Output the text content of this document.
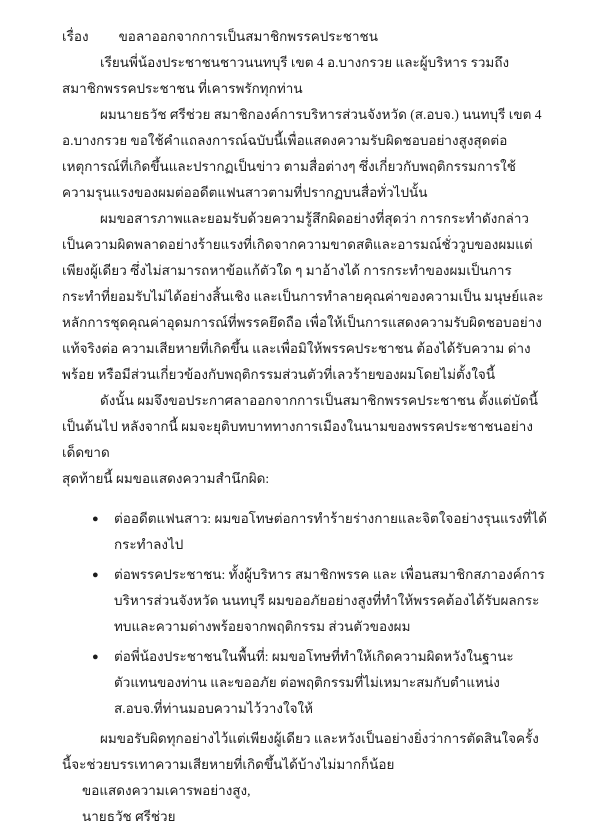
เรื่อง ขอลาออกจากการเป็นสมาชิกพรรคประชาชน

เรียนพี่น้องประชาชนชาวนนทบุรี เขต 4 อ.บางกรวย และผู้บริหาร รวมถึงสมาชิกพรรคประชาชน ที่เคารพรักทุกท่าน

ผมนายธวัช ศรีช่วย สมาชิกองค์การบริหารส่วนจังหวัด (ส.อบจ.) นนทบุรี เขต 4 อ.บางกรวย ขอใช้คำแถลงการณ์ฉบับนี้เพื่อแสดงความรับผิดชอบอย่างสูงสุดต่อเหตุการณ์ที่เกิดขึ้นและปรากฏเป็นข่าว ตามสื่อต่างๆ ซึ่งเกี่ยวกับพฤติกรรมการใช้ความรุนแรงของผมต่ออดีตแฟนสาวตามที่ปรากฏบนสื่อทั่วไปนั้น

ผมขอสารภาพและยอมรับด้วยความรู้สึกผิดอย่างที่สุดว่า การกระทำดังกล่าวเป็นความผิดพลาดอย่างร้ายแรงที่เกิดจากความขาดสติและอารมณ์ชั่ววูบของผมแต่เพียงผู้เดียว ซึ่งไม่สามารถหาข้อแก้ตัวใด ๆ มาอ้างได้ การกระทำของผมเป็นการกระทำที่ยอมรับไม่ได้อย่างสิ้นเชิง และเป็นการทำลายคุณค่าของความเป็น มนุษย์และหลักการชุดคุณค่าอุดมการณ์ที่พรรคยึดถือ เพื่อให้เป็นการแสดงความรับผิดชอบอย่างแท้จริงต่อ ความเสียหายที่เกิดขึ้น และเพื่อมิให้พรรคประชาชน ต้องได้รับความ ด่างพร้อย หรือมีส่วนเกี่ยวข้องกับพฤติกรรมส่วนตัวที่เลวร้ายของผมโดยไม่ตั้งใจนี้

ดังนั้น ผมจึงขอประกาศลาออกจากการเป็นสมาชิกพรรคประชาชน ตั้งแต่บัดนี้เป็นต้นไป หลังจากนี้ ผมจะยุติบทบาททางการเมืองในนามของพรรคประชาชนอย่างเด็ดขาด

สุดท้ายนี้ ผมขอแสดงความสำนึกผิด:

● ต่ออดีตแฟนสาว: ผมขอโทษต่อการทำร้ายร่างกายและจิตใจอย่างรุนแรงที่ได้กระทำลงไป
● ต่อพรรคประชาชน: ทั้งผู้บริหาร สมาชิกพรรค และ เพื่อนสมาชิกสภาองค์การบริหารส่วนจังหวัด นนทบุรี ผมขออภัยอย่างสูงที่ทำให้พรรคต้องได้รับผลกระทบและความด่างพร้อยจากพฤติกรรม ส่วนตัวของผม
● ต่อพี่น้องประชาชนในพื้นที่: ผมขอโทษที่ทำให้เกิดความผิดหวังในฐานะตัวแทนของท่าน และขออภัย ต่อพฤติกรรมที่ไม่เหมาะสมกับตำแหน่ง ส.อบจ.ที่ท่านมอบความไว้วางใจให้

ผมขอรับผิดทุกอย่างไว้แต่เพียงผู้เดียว และหวังเป็นอย่างยิ่งว่าการตัดสินใจครั้งนี้จะช่วยบรรเทาความเสียหายที่เกิดขึ้นได้บ้างไม่มากก็น้อย

ขอแสดงความเคารพอย่างสูง,

นายธวัช ศรีช่วย
